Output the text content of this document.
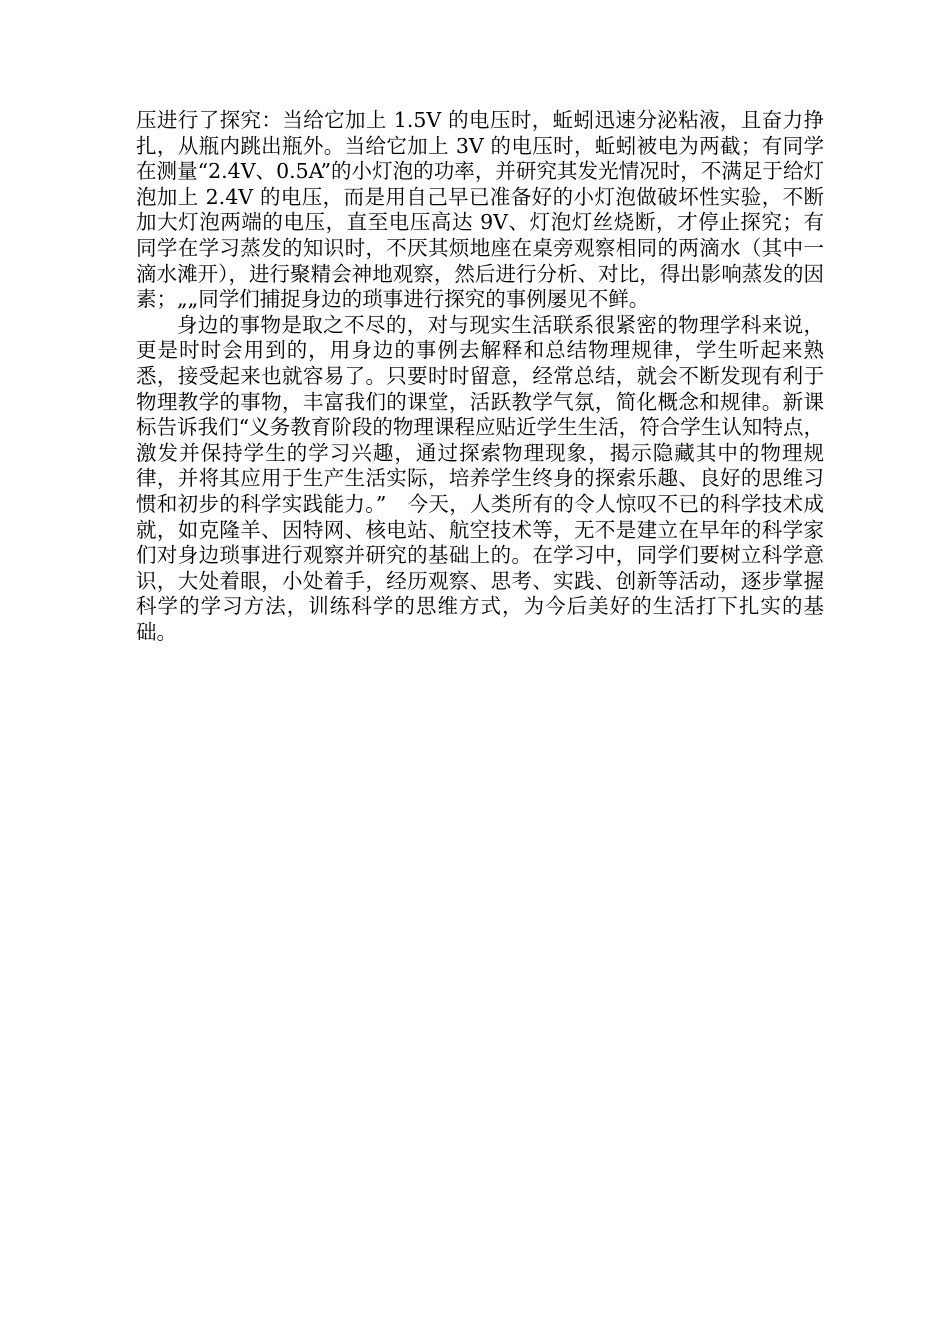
压进行了探究：当给它加上 1.5V 的电压时，蚯蚓迅速分泌粘液，且奋力挣扎，从瓶内跳出瓶外。当给它加上 3V 的电压时，蚯蚓被电为两截；有同学在测量“2.4V、0.5A”的小灯泡的功率，并研究其发光情况时，不满足于给灯泡加上 2.4V 的电压，而是用自己早已准备好的小灯泡做破坏性实验，不断加大灯泡两端的电压，直至电压高达 9V、灯泡灯丝烧断，才停止探究；有同学在学习蒸发的知识时，不厌其烦地座在桌旁观察相同的两滴水（其中一滴水滩开），进行聚精会神地观察，然后进行分析、对比，得出影响蒸发的因素；„„同学们捕捉身边的琐事进行探究的事例屡见不鲜。

身边的事物是取之不尽的，对与现实生活联系很紧密的物理学科来说，更是时时会用到的，用身边的事例去解释和总结物理规律，学生听起来熟悉，接受起来也就容易了。只要时时留意，经常总结，就会不断发现有利于物理教学的事物，丰富我们的课堂，活跃教学气氛，简化概念和规律。新课标告诉我们“义务教育阶段的物理课程应贴近学生生活，符合学生认知特点，激发并保持学生的学习兴趣，通过探索物理现象，揭示隐藏其中的物理规律，并将其应用于生产生活实际，培养学生终身的探索乐趣、良好的思维习惯和初步的科学实践能力。”　今天，人类所有的令人惊叹不已的科学技术成就，如克隆羊、因特网、核电站、航空技术等，无不是建立在早年的科学家们对身边琐事进行观察并研究的基础上的。在学习中，同学们要树立科学意识，大处着眼，小处着手，经历观察、思考、实践、创新等活动，逐步掌握科学的学习方法，训练科学的思维方式，为今后美好的生活打下扎实的基础。
